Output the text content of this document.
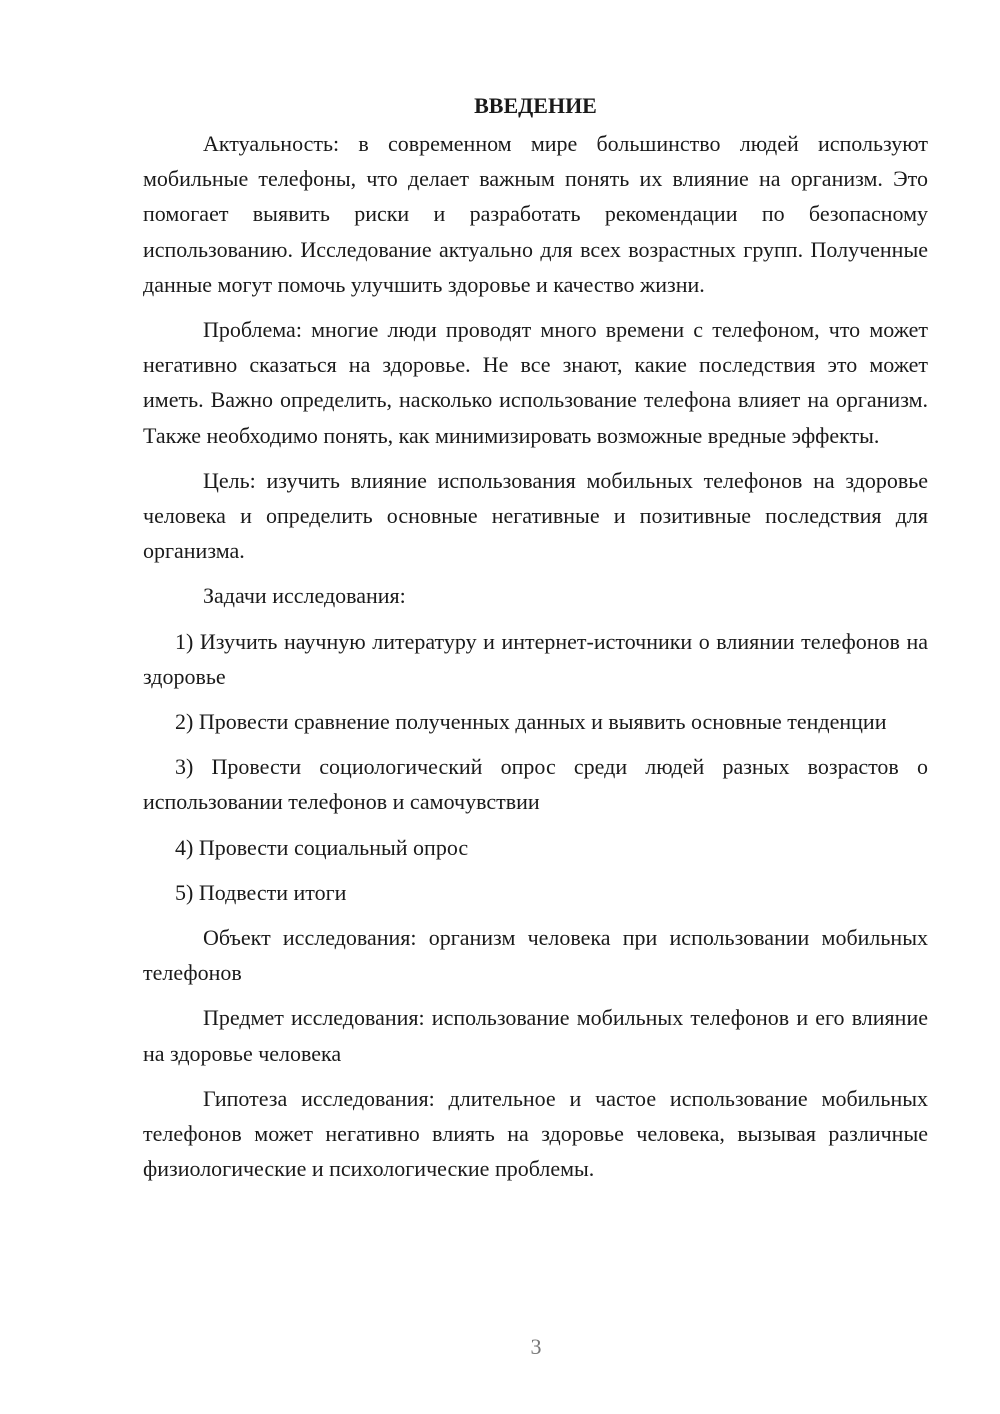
ВВЕДЕНИЕ

Актуальность: в современном мире большинство людей используют мобильные телефоны, что делает важным понять их влияние на организм. Это помогает выявить риски и разработать рекомендации по безопасному использованию. Исследование актуально для всех возрастных групп. Полученные данные могут помочь улучшить здоровье и качество жизни.

Проблема: многие люди проводят много времени с телефоном, что может негативно сказаться на здоровье. Не все знают, какие последствия это может иметь. Важно определить, насколько использование телефона влияет на организм. Также необходимо понять, как минимизировать возможные вредные эффекты.

Цель: изучить влияние использования мобильных телефонов на здоровье человека и определить основные негативные и позитивные последствия для организма.

Задачи исследования:

1) Изучить научную литературу и интернет-источники о влиянии телефонов на здоровье

2) Провести сравнение полученных данных и выявить основные тенденции

3) Провести социологический опрос среди людей разных возрастов о использовании телефонов и самочувствии

4) Провести социальный опрос

5) Подвести итоги

Объект исследования: организм человека при использовании мобильных телефонов

Предмет исследования: использование мобильных телефонов и его влияние на здоровье человека

Гипотеза исследования: длительное и частое использование мобильных телефонов может негативно влиять на здоровье человека, вызывая различные физиологические и психологические проблемы.

3
